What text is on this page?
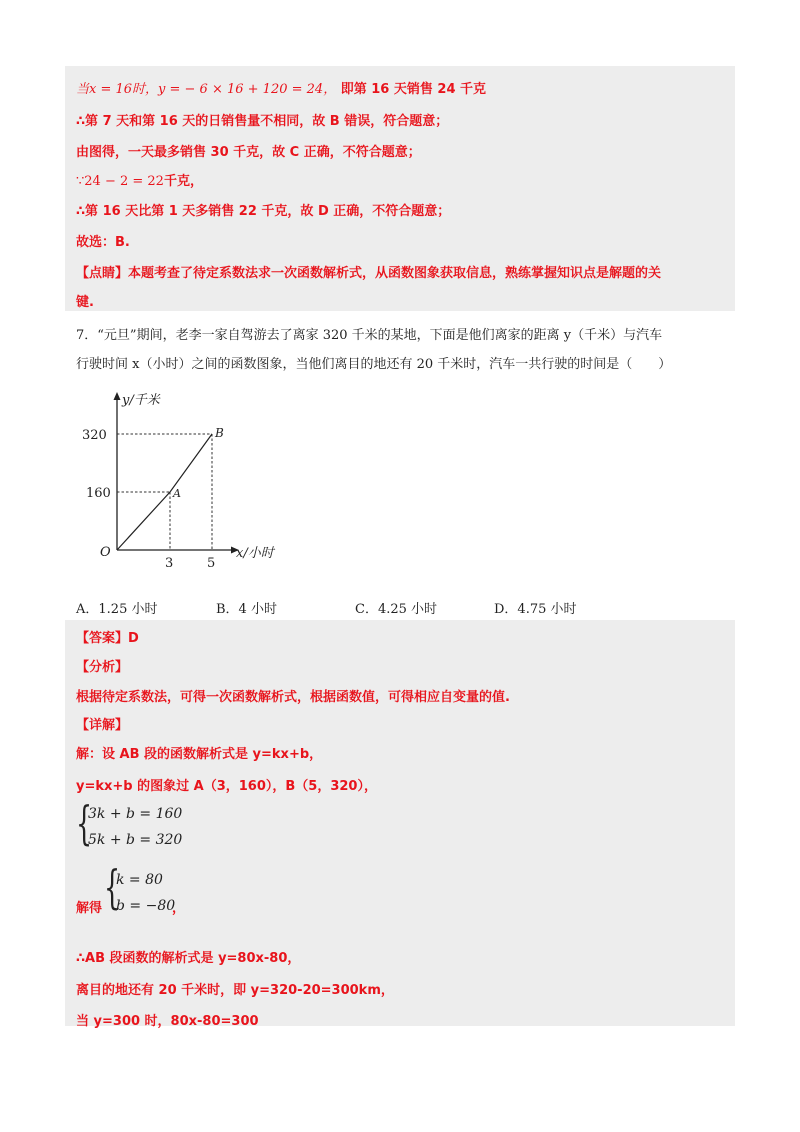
当x = 16时，y = − 6 × 16 + 120 = 24， 即第 16 天销售 24 千克
∴第 7 天和第 16 天的日销售量不相同，故 B 错误，符合题意；
由图得，一天最多销售 30 千克，故 C 正确，不符合题意；
∵24 − 2 = 22千克，
∴第 16 天比第 1 天多销售 22 千克，故 D 正确，不符合题意；
故选：B.
【点睛】本题考查了待定系数法求一次函数解析式，从函数图象获取信息，熟练掌握知识点是解题的关
键.
7．“元旦”期间，老李一家自驾游去了离家 320 千米的某地，下面是他们离家的距离 y（千米）与汽车
行驶时间 x（小时）之间的函数图象，当他们离目的地还有 20 千米时，汽车一共行驶的时间是（　　）
y/千米
320
160
O
3	5
x/小时
A
B
A．1.25 小时	B．4 小时	C．4.25 小时	D．4.75 小时
【答案】D
【分析】
根据待定系数法，可得一次函数解析式，根据函数值，可得相应自变量的值.
【详解】
解：设 AB 段的函数解析式是 y=kx+b，
y=kx+b 的图象过 A（3，160），B（5，320），
{
3k + b = 160
5k + b = 320
解得 {
k = 80
b = −80
，
∴AB 段函数的解析式是 y=80x-80，
离目的地还有 20 千米时，即 y=320-20=300km，
当 y=300 时，80x-80=300
